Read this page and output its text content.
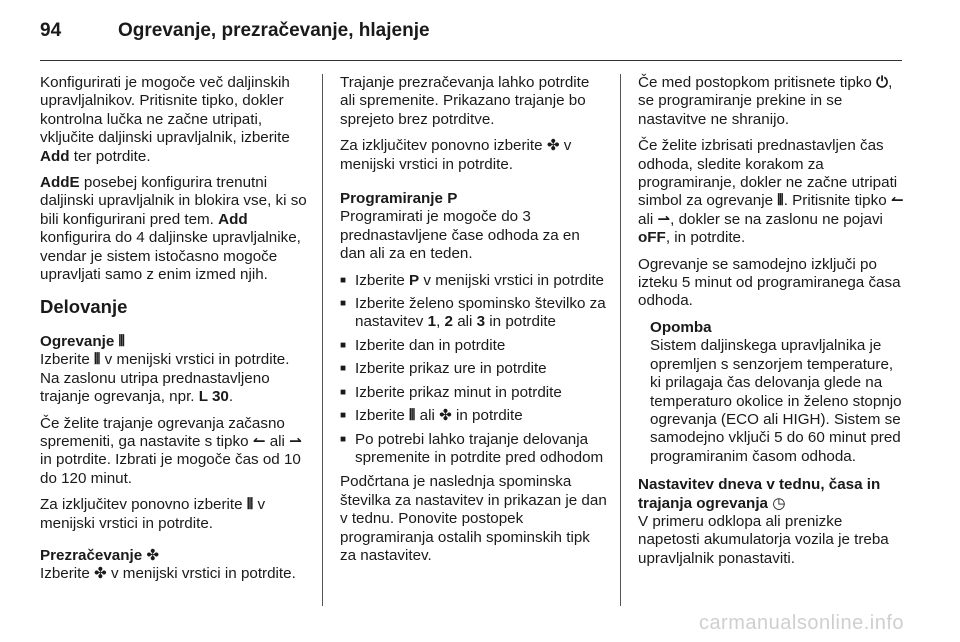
94	Ogrevanje, prezračevanje, hlajenje

Konfigurirati je mogoče več daljinskih upravljalnikov. Pritisnite tipko, dokler kontrolna lučka ne začne utripati, vključite daljinski upravljalnik, izberite Add ter potrdite.

AddE posebej konfigurira trenutni daljinski upravljalnik in blokira vse, ki so bili konfigurirani pred tem. Add konfigurira do 4 daljinske upravljalnike, vendar je sistem istočasno mogoče upravljati samo z enim izmed njih.

Delovanje

Ogrevanje ⫴

Izberite ⫴ v menijski vrstici in potrdite. Na zaslonu utripa prednastavljeno trajanje ogrevanja, npr. L 30.

Če želite trajanje ogrevanja začasno spremeniti, ga nastavite s tipko ↼ ali ⇀ in potrdite. Izbrati je mogoče čas od 10 do 120 minut.

Za izključitev ponovno izberite ⫴ v menijski vrstici in potrdite.

Prezračevanje ✤

Izberite ✤ v menijski vrstici in potrdite.

Trajanje prezračevanja lahko potrdite ali spremenite. Prikazano trajanje bo sprejeto brez potrditve.

Za izključitev ponovno izberite ✤ v menijski vrstici in potrdite.

Programiranje P

Programirati je mogoče do 3 prednastavljene čase odhoda za en dan ali za en teden.

■ Izberite P v menijski vrstici in potrdite
■ Izberite želeno spominsko številko za nastavitev 1, 2 ali 3 in potrdite
■ Izberite dan in potrdite
■ Izberite prikaz ure in potrdite
■ Izberite prikaz minut in potrdite
■ Izberite ⫴ ali ✤ in potrdite
■ Po potrebi lahko trajanje delovanja spremenite in potrdite pred odhodom

Podčrtana je naslednja spominska številka za nastavitev in prikazan je dan v tednu. Ponovite postopek programiranja ostalih spominskih tipk za nastavitev.

Če med postopkom pritisnete tipko ⏻, se programiranje prekine in se nastavitve ne shranijo.

Če želite izbrisati prednastavljen čas odhoda, sledite korakom za programiranje, dokler ne začne utripati simbol za ogrevanje ⫴. Pritisnite tipko ↼ ali ⇀, dokler se na zaslonu ne pojavi oFF, in potrdite.

Ogrevanje se samodejno izključi po izteku 5 minut od programiranega časa odhoda.

Opomba
Sistem daljinskega upravljalnika je opremljen s senzorjem temperature, ki prilagaja čas delovanja glede na temperaturo okolice in želeno stopnjo ogrevanja (ECO ali HIGH). Sistem se samodejno vključi 5 do 60 minut pred programiranim časom odhoda.

Nastavitev dneva v tednu, časa in trajanja ogrevanja ◷

V primeru odklopa ali prenizke napetosti akumulatorja vozila je treba upravljalnik ponastaviti.

carmanualsonline.info
